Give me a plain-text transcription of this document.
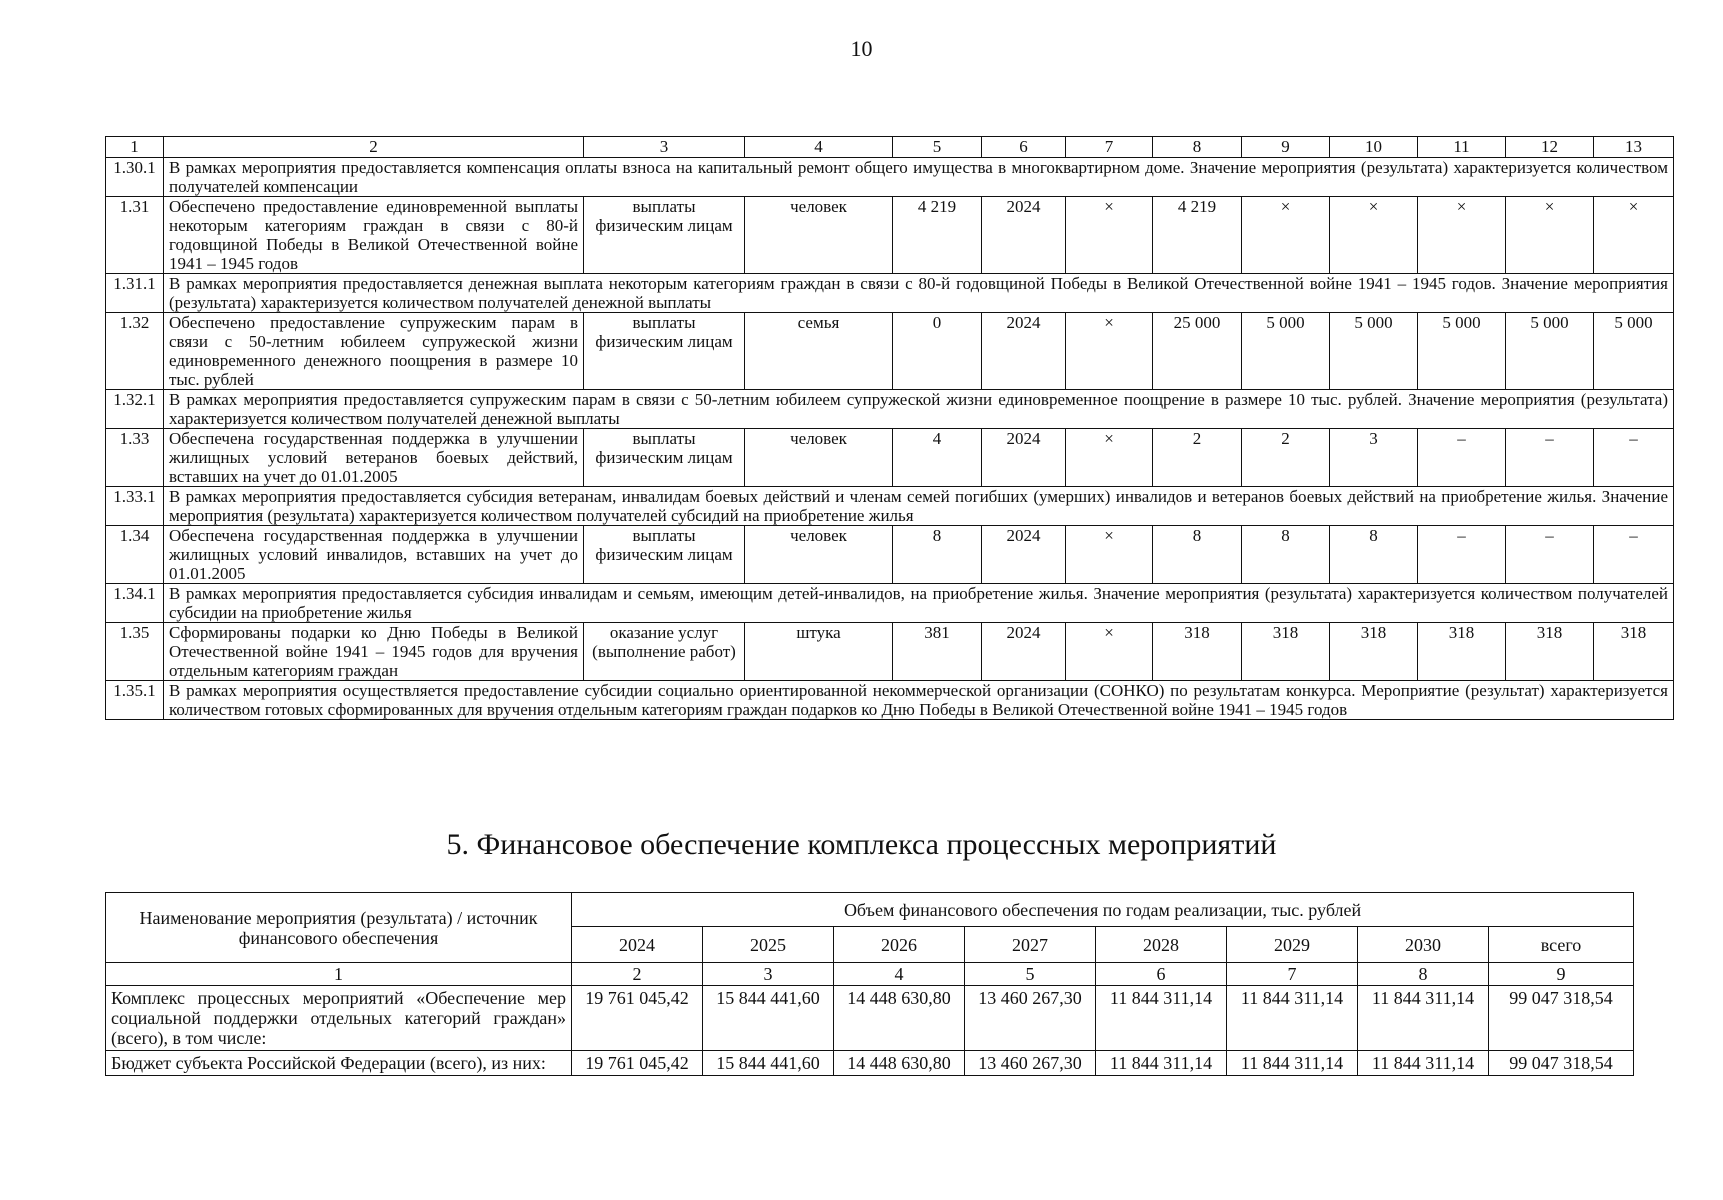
10
1	2	3	4	5	6	7	8	9	10	11	12	13
1.30.1	В рамках мероприятия предоставляется компенсация оплаты взноса на капитальный ремонт общего имущества в многоквартирном доме. Значение мероприятия (результата) характеризуется количеством получателей компенсации											
1.31	Обеспечено предоставление единовременной выплаты некоторым категориям граждан в связи с 80-й годовщиной Победы в Великой Отечественной войне 1941 – 1945 годов	выплаты физическим лицам	человек	4 219	2024	×	4 219	×	×	×	×	×
1.31.1	В рамках мероприятия предоставляется денежная выплата некоторым категориям граждан в связи с 80-й годовщиной Победы в Великой Отечественной войне 1941 – 1945 годов. Значение мероприятия (результата) характеризуется количеством получателей денежной выплаты											
1.32	Обеспечено предоставление супружеским парам в связи с 50-летним юбилеем супружеской жизни единовременного денежного поощрения в размере 10 тыс. рублей	выплаты физическим лицам	семья	0	2024	×	25 000	5 000	5 000	5 000	5 000	5 000
1.32.1	В рамках мероприятия предоставляется супружеским парам в связи с 50-летним юбилеем супружеской жизни единовременное поощрение в размере 10 тыс. рублей. Значение мероприятия (результата) характеризуется количеством получателей денежной выплаты											
1.33	Обеспечена государственная поддержка в улучшении жилищных условий ветеранов боевых действий, вставших на учет до 01.01.2005	выплаты физическим лицам	человек	4	2024	×	2	2	3	–	–	–
1.33.1	В рамках мероприятия предоставляется субсидия ветеранам, инвалидам боевых действий и членам семей погибших (умерших) инвалидов и ветеранов боевых действий на приобретение жилья. Значение мероприятия (результата) характеризуется количеством получателей субсидий на приобретение жилья											
1.34	Обеспечена государственная поддержка в улучшении жилищных условий инвалидов, вставших на учет до 01.01.2005	выплаты физическим лицам	человек	8	2024	×	8	8	8	–	–	–
1.34.1	В рамках мероприятия предоставляется субсидия инвалидам и семьям, имеющим детей-инвалидов, на приобретение жилья. Значение мероприятия (результата) характеризуется количеством получателей субсидии на приобретение жилья											
1.35	Сформированы подарки ко Дню Победы в Великой Отечественной войне 1941 – 1945 годов для вручения отдельным категориям граждан	оказание услуг (выполнение работ)	штука	381	2024	×	318	318	318	318	318	318
1.35.1	В рамках мероприятия осуществляется предоставление субсидии социально ориентированной некоммерческой организации (СОНКО) по результатам конкурса. Мероприятие (результат) характеризуется количеством готовых сформированных для вручения отдельным категориям граждан подарков ко Дню Победы в Великой Отечественной войне 1941 – 1945 годов											
5. Финансовое обеспечение комплекса процессных мероприятий
Наименование мероприятия (результата) / источник финансового обеспечения	Объем финансового обеспечения по годам реализации, тыс. рублей							
	2024	2025	2026	2027	2028	2029	2030	всего
1	2	3	4	5	6	7	8	9
Комплекс процессных мероприятий «Обеспечение мер социальной поддержки отдельных категорий граждан» (всего), в том числе:	19 761 045,42	15 844 441,60	14 448 630,80	13 460 267,30	11 844 311,14	11 844 311,14	11 844 311,14	99 047 318,54
Бюджет субъекта Российской Федерации (всего), из них:	19 761 045,42	15 844 441,60	14 448 630,80	13 460 267,30	11 844 311,14	11 844 311,14	11 844 311,14	99 047 318,54
